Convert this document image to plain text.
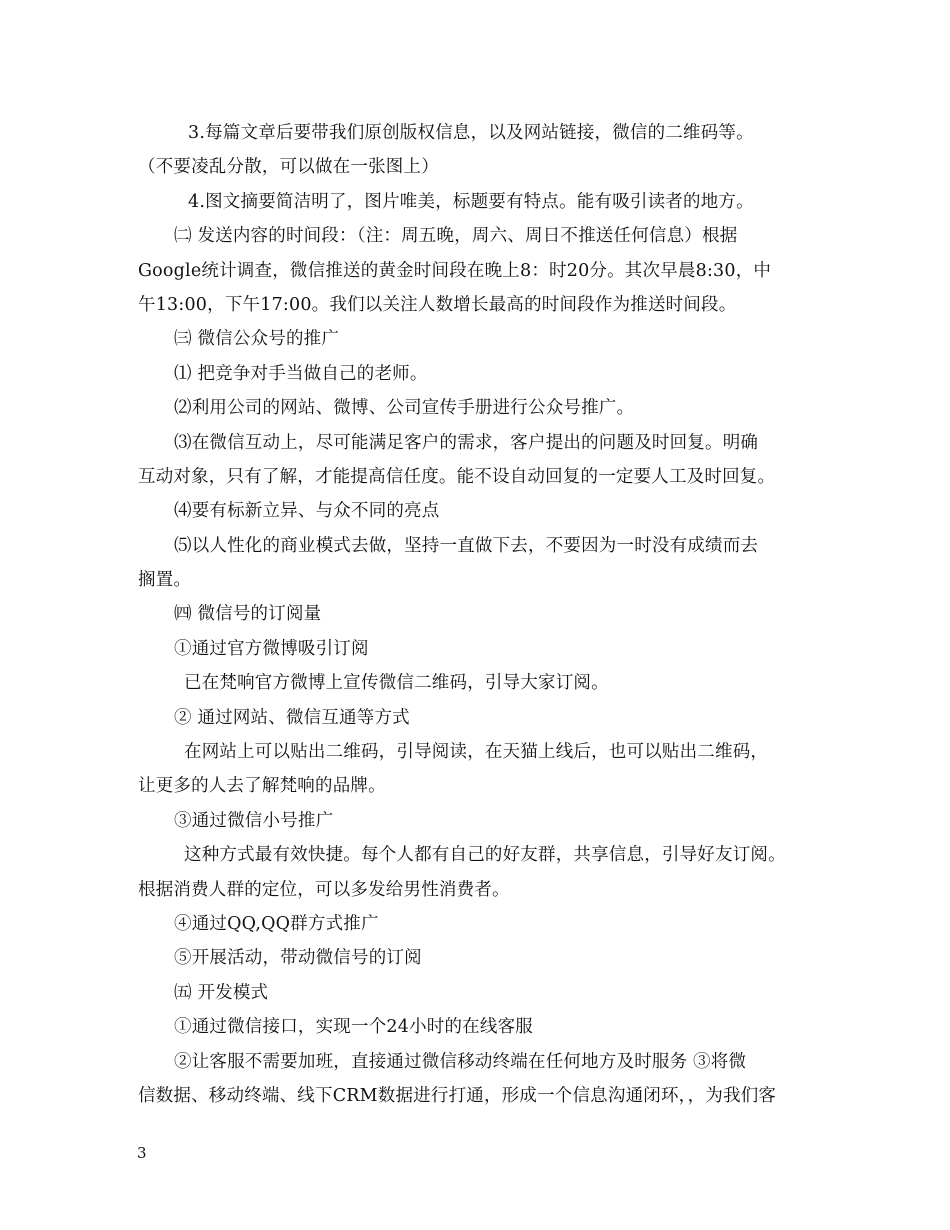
3.每篇文章后要带我们原创版权信息，以及网站链接，微信的二维码等。
（不要凌乱分散，可以做在一张图上）
4.图文摘要简洁明了，图片唯美，标题要有特点。能有吸引读者的地方。
㈡ 发送内容的时间段：（注：周五晚，周六、周日不推送任何信息）根据
Google统计调查，微信推送的黄金时间段在晚上8：时20分。其次早晨8:30，中
午13:00，下午17:00。我们以关注人数增长最高的时间段作为推送时间段。
㈢ 微信公众号的推广
⑴ 把竞争对手当做自己的老师。
⑵利用公司的网站、微博、公司宣传手册进行公众号推广。
⑶在微信互动上，尽可能满足客户的需求，客户提出的问题及时回复。明确
互动对象，只有了解，才能提高信任度。能不设自动回复的一定要人工及时回复。
⑷要有标新立异、与众不同的亮点
⑸以人性化的商业模式去做，坚持一直做下去，不要因为一时没有成绩而去
搁置。
㈣ 微信号的订阅量
①通过官方微博吸引订阅
已在梵响官方微博上宣传微信二维码，引导大家订阅。
② 通过网站、微信互通等方式
在网站上可以贴出二维码，引导阅读，在天猫上线后，也可以贴出二维码，
让更多的人去了解梵响的品牌。
③通过微信小号推广
这种方式最有效快捷。每个人都有自己的好友群，共享信息，引导好友订阅。
根据消费人群的定位，可以多发给男性消费者。
④通过QQ,QQ群方式推广
⑤开展活动，带动微信号的订阅
㈤ 开发模式
①通过微信接口，实现一个24小时的在线客服
②让客服不需要加班，直接通过微信移动终端在任何地方及时服务 ③将微
信数据、移动终端、线下CRM数据进行打通，形成一个信息沟通闭环，，为我们客
3
